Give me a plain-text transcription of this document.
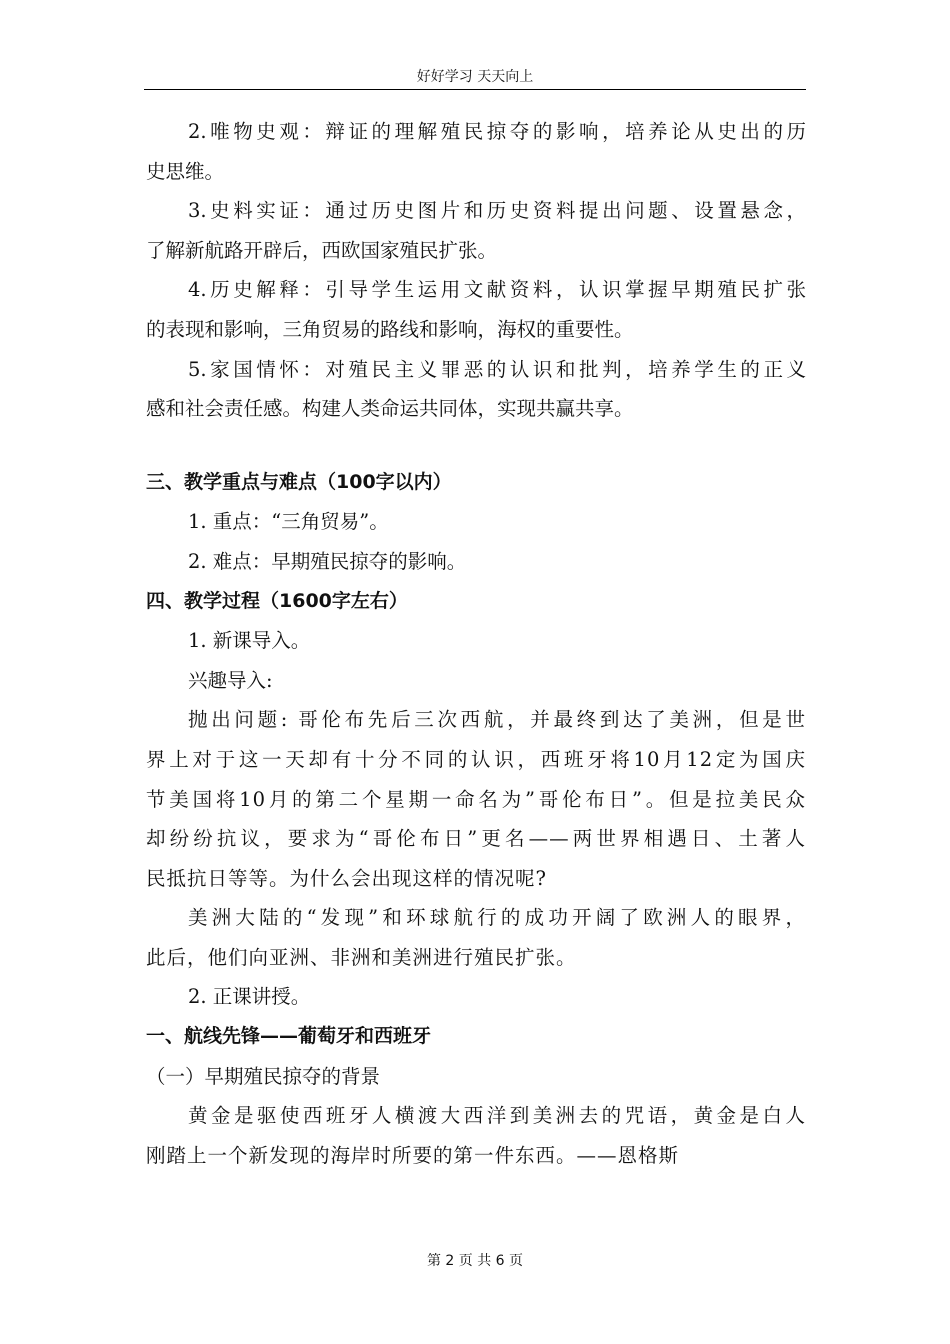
好好学习 天天向上
2.唯物史观：辩证的理解殖民掠夺的影响，培养论从史出的历
史思维。
3.史料实证：通过历史图片和历史资料提出问题、设置悬念，
了解新航路开辟后，西欧国家殖民扩张。
4.历史解释：引导学生运用文献资料，认识掌握早期殖民扩张
的表现和影响，三角贸易的路线和影响，海权的重要性。
5.家国情怀：对殖民主义罪恶的认识和批判，培养学生的正义
感和社会责任感。构建人类命运共同体，实现共赢共享。
三、教学重点与难点（100字以内）
1. 重点：“三角贸易”。
2. 难点：早期殖民掠夺的影响。
四、教学过程（1600字左右）
1. 新课导入。
兴趣导入:
抛出问题: 哥伦布先后三次西航，并最终到达了美洲，但是世
界上对于这一天却有十分不同的认识，西班牙将10月12定为国庆
节美国将10月的第二个星期一命名为”哥伦布日”。但是拉美民众
却纷纷抗议，要求为“哥伦布日”更名——两世界相遇日、土著人
民抵抗日等等。为什么会出现这样的情况呢?
美洲大陆的“发现”和环球航行的成功开阔了欧洲人的眼界，
此后，他们向亚洲、非洲和美洲进行殖民扩张。
2. 正课讲授。
一、航线先锋——葡萄牙和西班牙
（一）早期殖民掠夺的背景
黄金是驱使西班牙人横渡大西洋到美洲去的咒语，黄金是白人
刚踏上一个新发现的海岸时所要的第一件东西。——恩格斯
第 2 页 共 6 页
